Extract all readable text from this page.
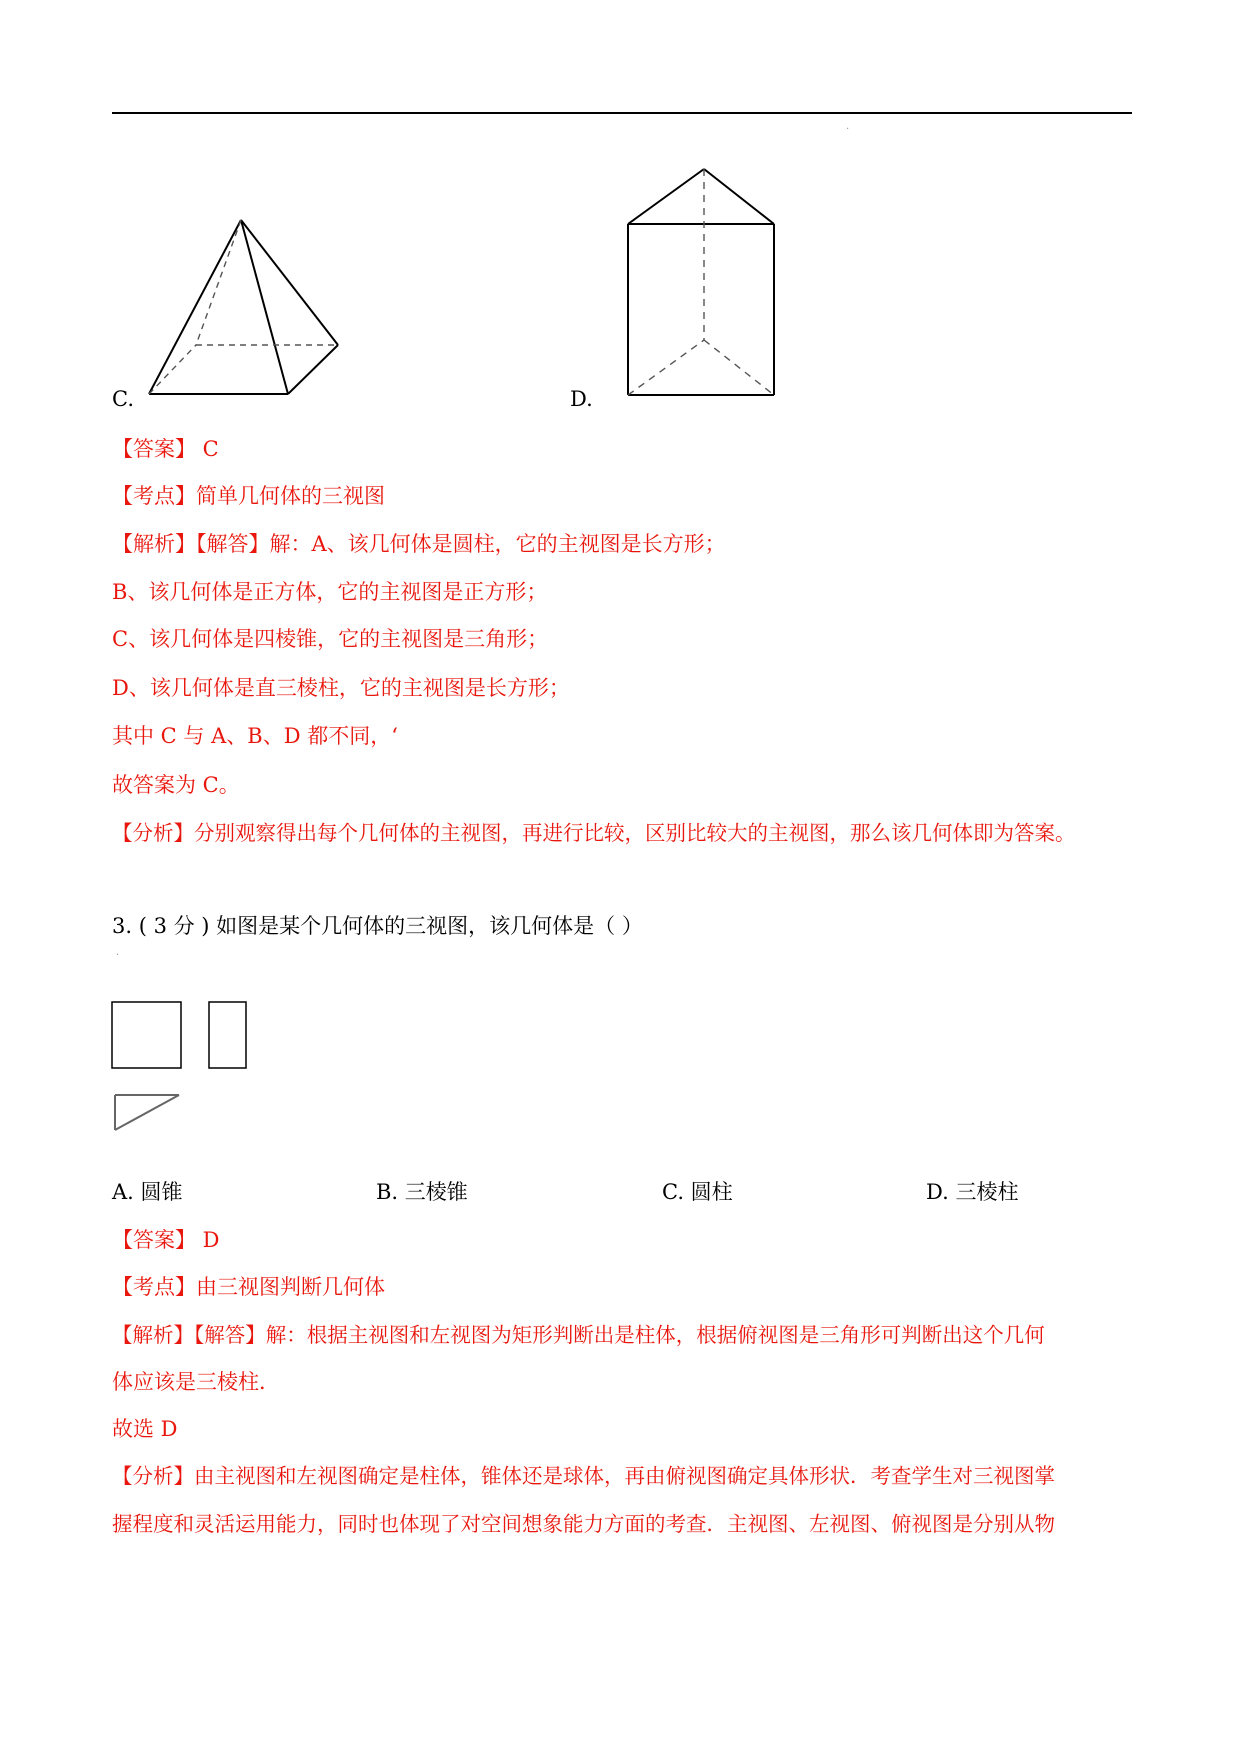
·
C.	D.
【答案】 C
【考点】简单几何体的三视图
【解析】【解答】解：A、该几何体是圆柱，它的主视图是长方形；
B、该几何体是正方体，它的主视图是正方形；
C、该几何体是四棱锥，它的主视图是三角形；
D、该几何体是直三棱柱，它的主视图是长方形；
其中 C 与 A、B、D 都不同，‘
故答案为 C。
【分析】分别观察得出每个几何体的主视图，再进行比较，区别比较大的主视图，那么该几何体即为答案。
3. ( 3 分 ) 如图是某个几何体的三视图，该几何体是（ ）
·
A. 圆锥	B. 三棱锥	C. 圆柱	D. 三棱柱
【答案】 D
【考点】由三视图判断几何体
【解析】【解答】解：根据主视图和左视图为矩形判断出是柱体，根据俯视图是三角形可判断出这个几何
体应该是三棱柱．
故选 D
【分析】由主视图和左视图确定是柱体，锥体还是球体，再由俯视图确定具体形状．考查学生对三视图掌
握程度和灵活运用能力，同时也体现了对空间想象能力方面的考查．主视图、左视图、俯视图是分别从物
